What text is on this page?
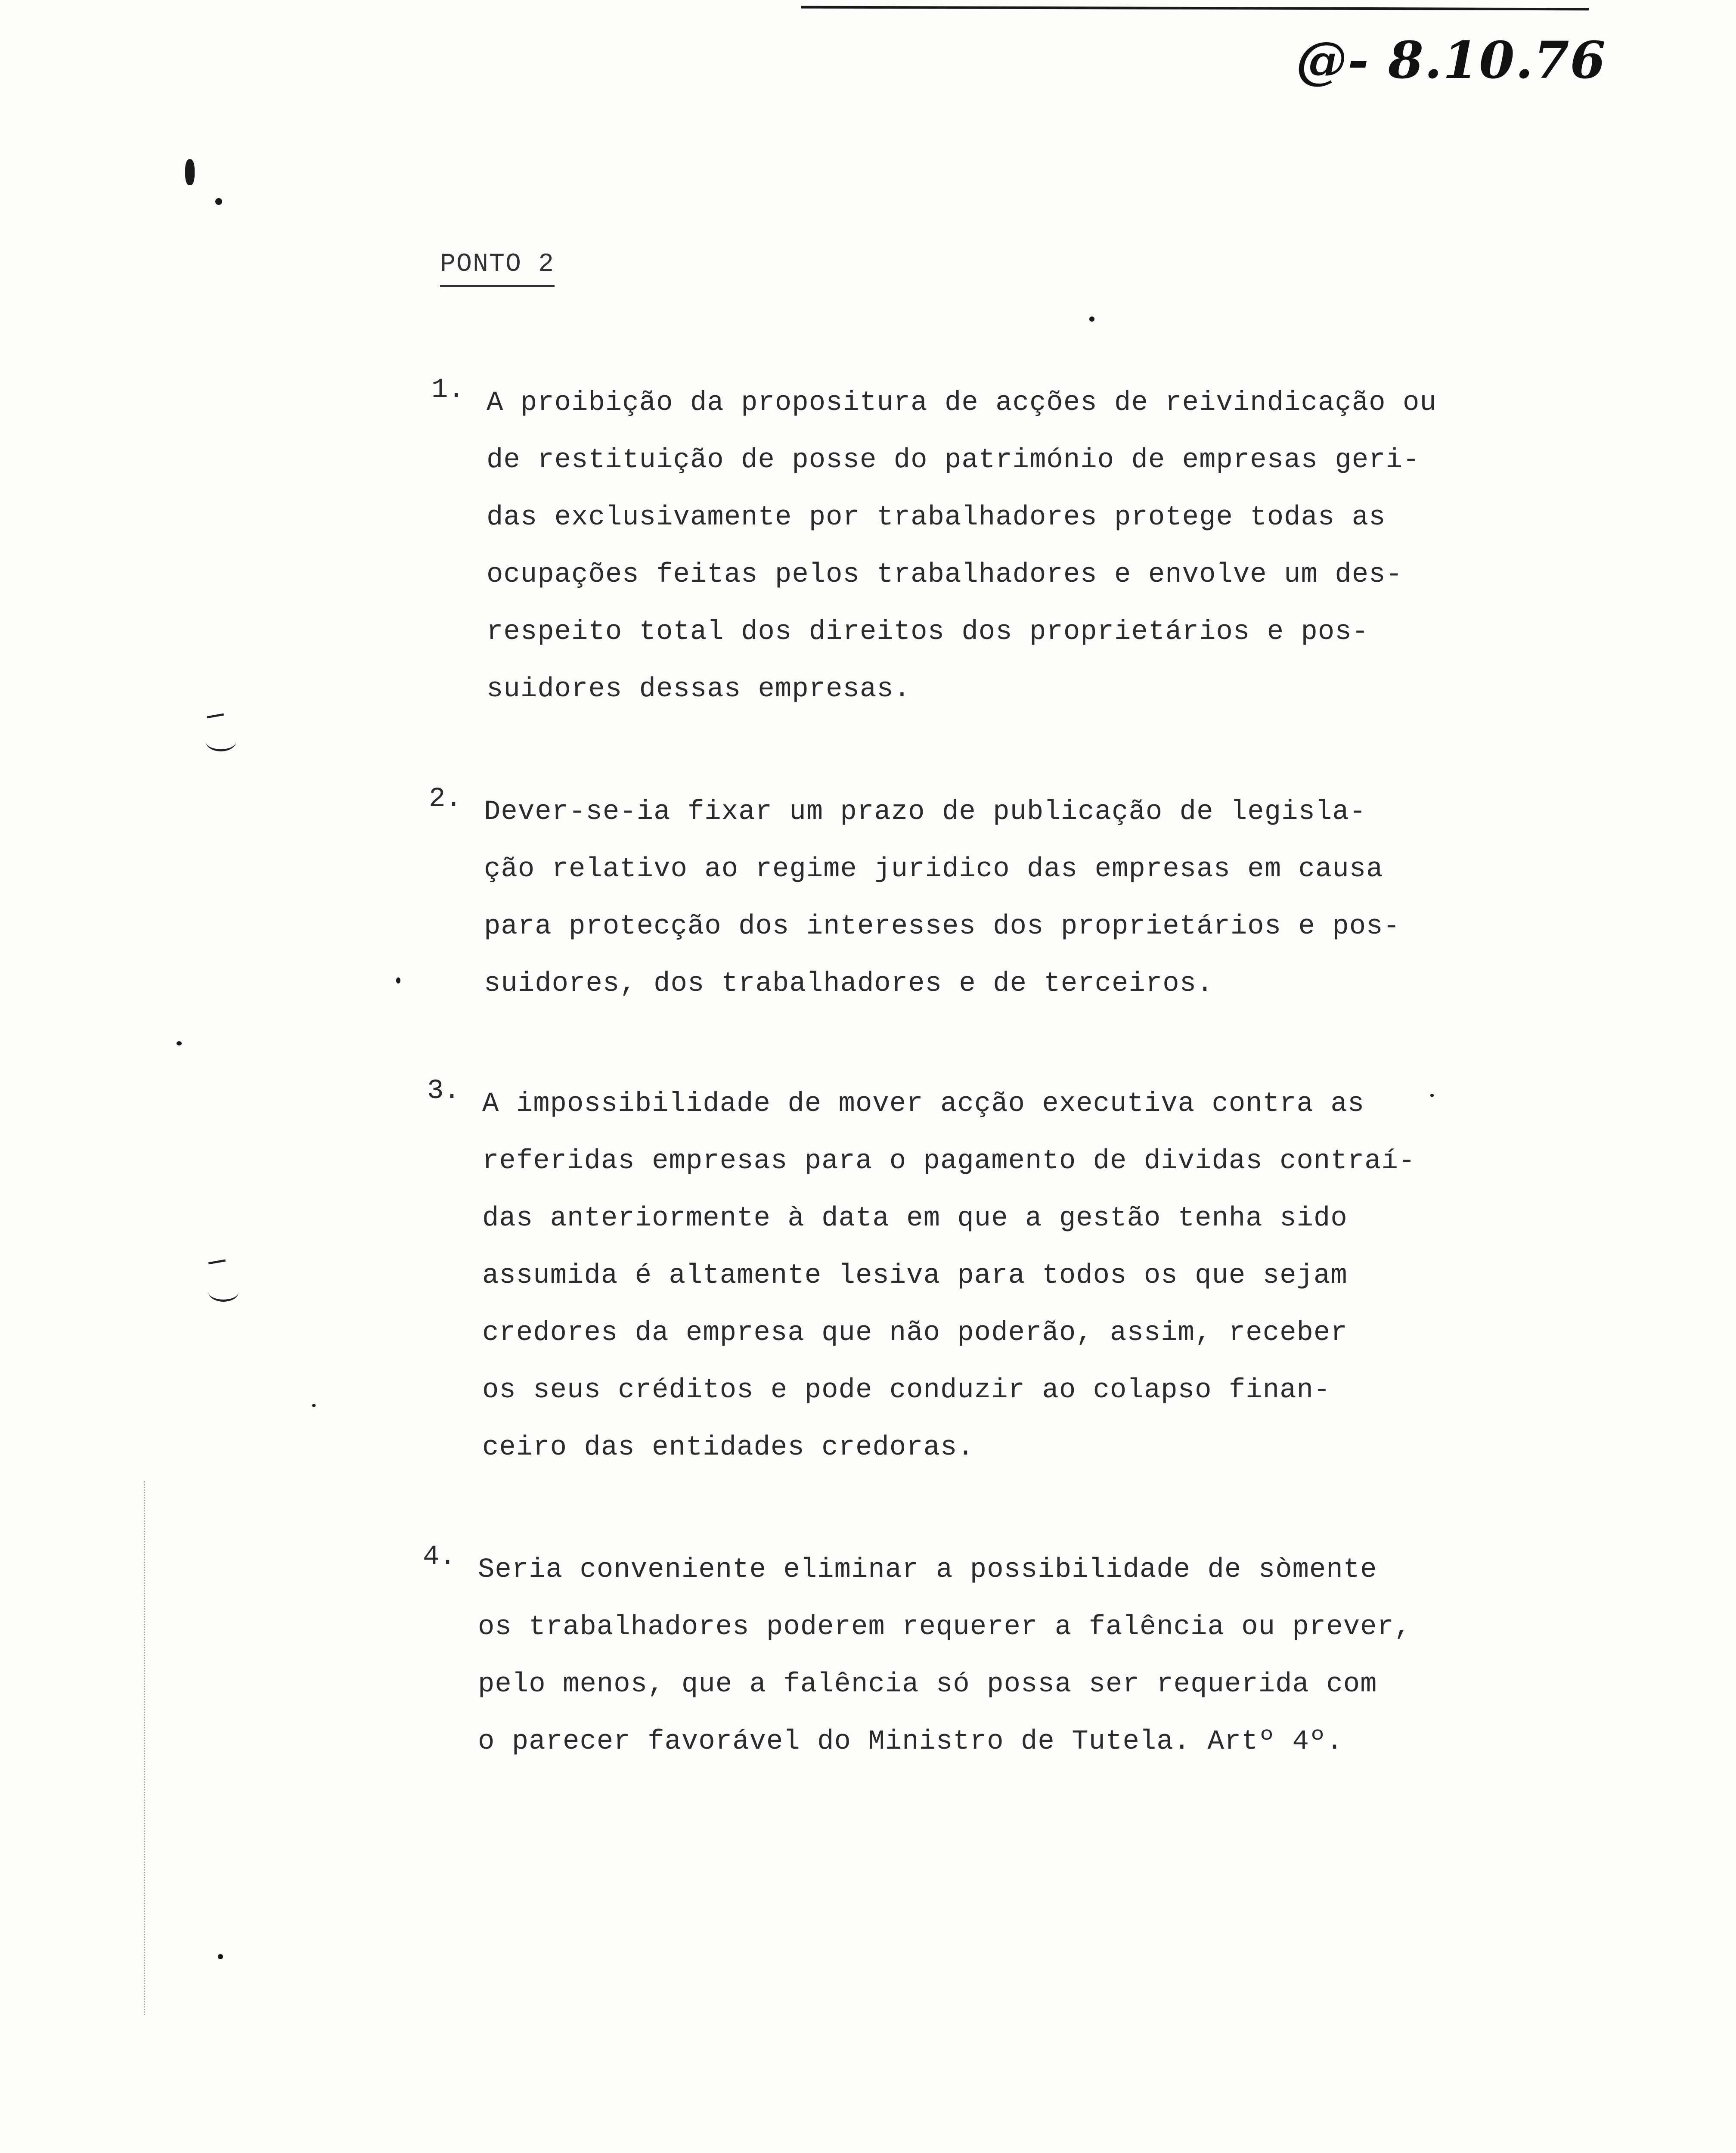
@- 8.10.76
PONTO 2
1. A proibição da propositura de acções de reivindicação ou
de restituição de posse do património de empresas geri-
das exclusivamente por trabalhadores protege todas as
ocupações feitas pelos trabalhadores e envolve um des-
respeito total dos direitos dos proprietários e pos-
suidores dessas empresas.
2. Dever-se-ia fixar um prazo de publicação de legisla-
ção relativo ao regime juridico das empresas em causa
para protecção dos interesses dos proprietários e pos-
suidores, dos trabalhadores e de terceiros.
3. A impossibilidade de mover acção executiva contra as
referidas empresas para o pagamento de dividas contraí-
das anteriormente à data em que a gestão tenha sido
assumida é altamente lesiva para todos os que sejam
credores da empresa que não poderão, assim, receber
os seus créditos e pode conduzir ao colapso finan-
ceiro das entidades credoras.
4. Seria conveniente eliminar a possibilidade de sòmente
os trabalhadores poderem requerer a falência ou prever,
pelo menos, que a falência só possa ser requerida com
o parecer favorável do Ministro de Tutela. Artº 4º.
